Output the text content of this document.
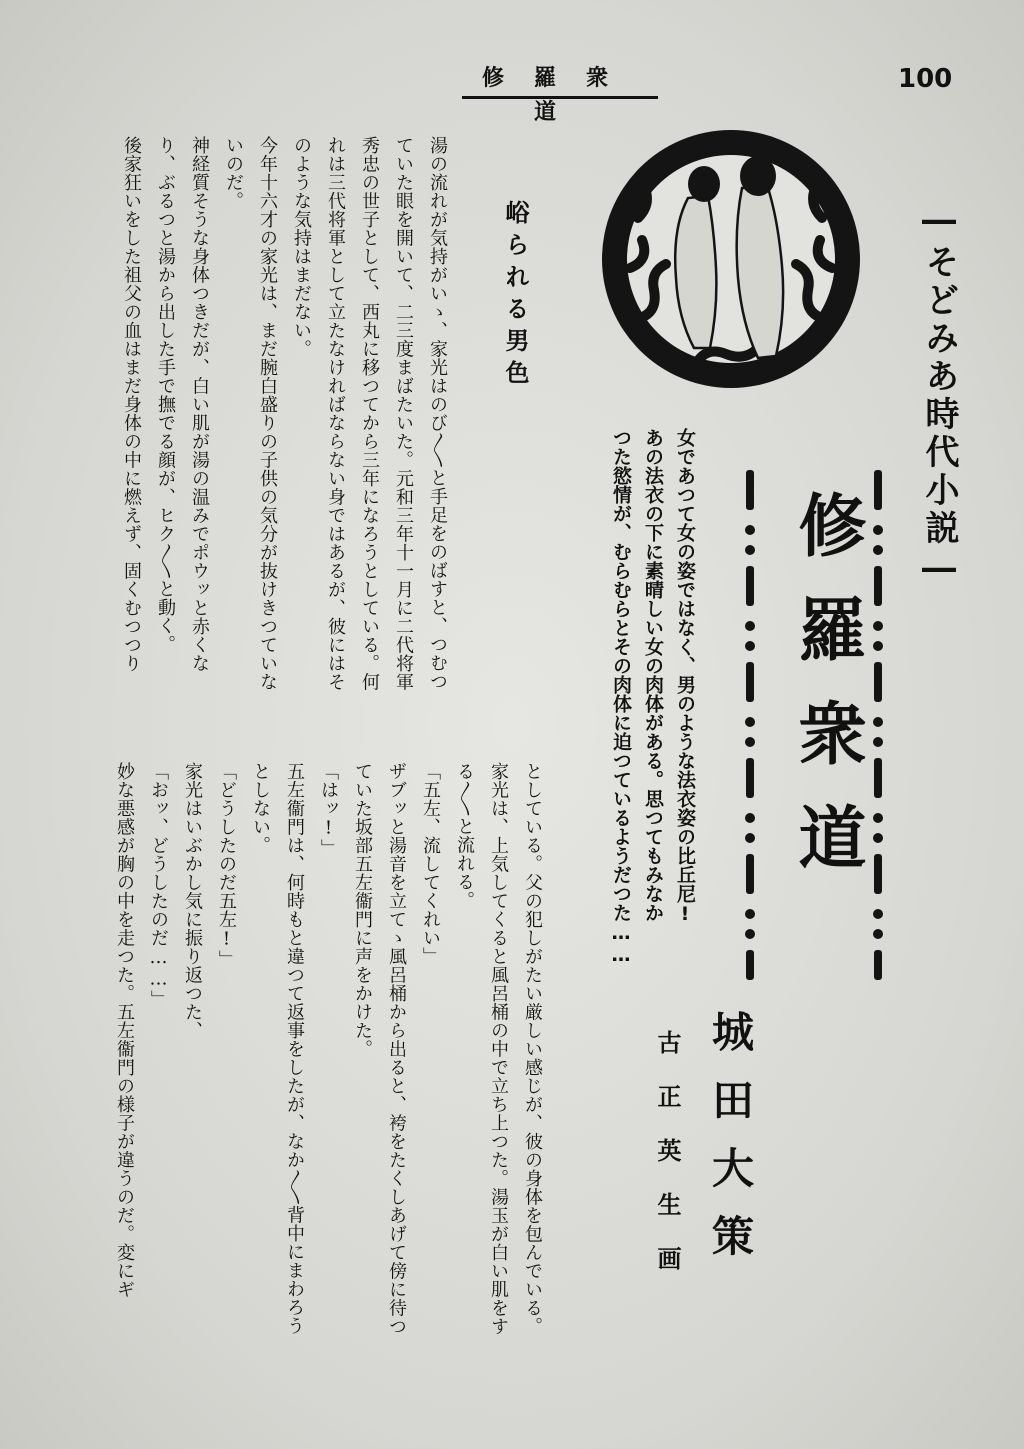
修羅衆道
100
―そどみあ時代小説―
修羅衆道
女であつて女の姿ではなく、男のような法衣姿の比丘尼!
あの法衣の下に素晴しい女の肉体がある。思つてもみなか
つた慾情が、むらむらとその肉体に迫つているようだつた……
城田大策
古正英生画
峪られる男色
湯の流れが気持がいゝ、家光はのび〳〵と手足をのばすと、つむつていた眼を開いて、二三度まばたいた。元和三年十一月に二代将軍秀忠の世子として、西丸に移つてから三年になろうとしている。何れは三代将軍として立たなければならない身ではあるが、彼にはそのような気持はまだない。
今年十六才の家光は、まだ腕白盛りの子供の気分が抜けきつていないのだ。
神経質そうな身体つきだが、白い肌が湯の温みでポウッと赤くなり、ぶるつと湯から出した手で撫でる顔が、ヒク〳〵と動く。
後家狂いをした祖父の血はまだ身体の中に燃えず、固くむつつり
としている。父の犯しがたい厳しい感じが、彼の身体を包んでいる。
家光は、上気してくると風呂桶の中で立ち上つた。湯玉が白い肌をする〳〵と流れる。
「五左、流してくれい」
ザブッと湯音を立てゝ風呂桶から出ると、袴をたくしあげて傍に待つていた坂部五左衞門に声をかけた。
「はッ!」
五左衞門は、何時もと違つて返事をしたが、なか〳〵背中にまわろうとしない。
「どうしたのだ五左!」
家光はいぶかし気に振り返つた、
「おッ、どうしたのだ……」
妙な悪感が胸の中を走つた。五左衞門の様子が違うのだ。変にギ
